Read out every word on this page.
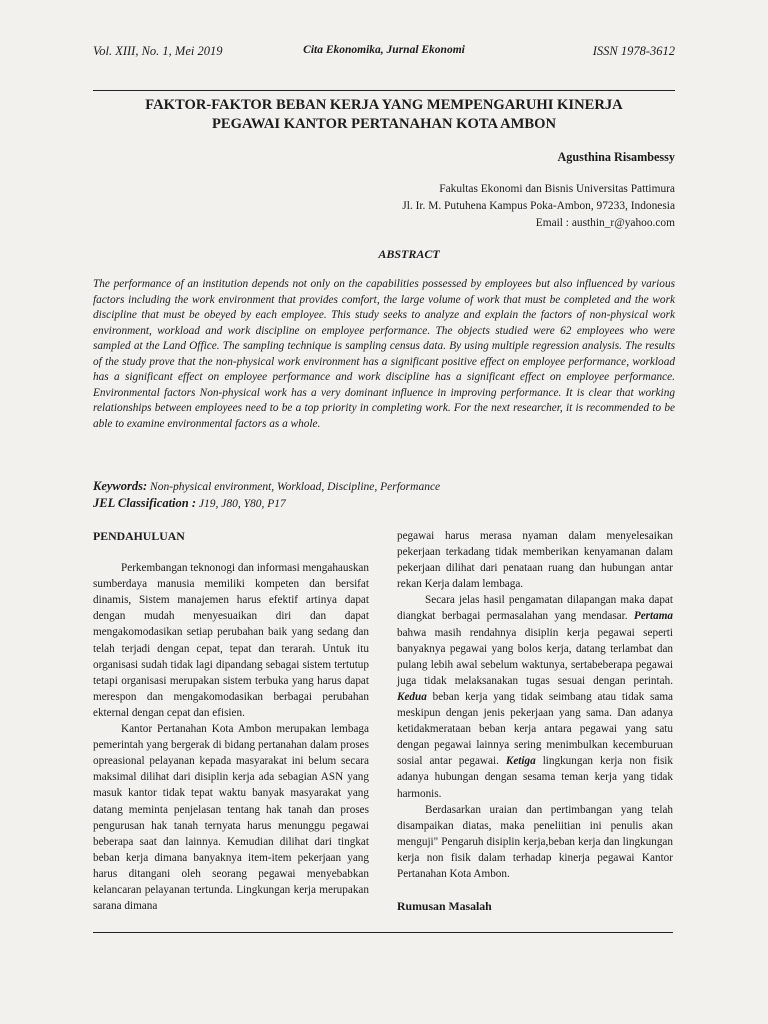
Vol. XIII, No. 1, Mei 2019	Cita Ekonomika, Jurnal Ekonomi	ISSN 1978-3612
FAKTOR-FAKTOR BEBAN KERJA YANG MEMPENGARUHI KINERJA
PEGAWAI KANTOR PERTANAHAN KOTA AMBON
Agusthina Risambessy
Fakultas Ekonomi dan Bisnis Universitas Pattimura
Jl. Ir. M. Putuhena Kampus Poka-Ambon, 97233, Indonesia
Email : austhin_r@yahoo.com
ABSTRACT
The performance of an institution depends not only on the capabilities possessed by employees but also influenced by various factors including the work environment that provides comfort, the large volume of work that must be completed and the work discipline that must be obeyed by each employee. This study seeks to analyze and explain the factors of non-physical work environment, workload and work discipline on employee performance. The objects studied were 62 employees who were sampled at the Land Office. The sampling technique is sampling census data. By using multiple regression analysis. The results of the study prove that the non-physical work environment has a significant positive effect on employee performance, workload has a significant effect on employee performance and work discipline has a significant effect on employee performance. Environmental factors Non-physical work has a very dominant influence in improving performance. It is clear that working relationships between employees need to be a top priority in completing work. For the next researcher, it is recommended to be able to examine environmental factors as a whole.
Keywords: Non-physical environment, Workload, Discipline, Performance
JEL Classification : J19, J80, Y80, P17

PENDAHULUAN

Perkembangan teknonogi dan informasi mengahauskan sumberdaya manusia memiliki kompeten dan bersifat dinamis, Sistem manajemen harus efektif artinya dapat dengan mudah menyesuaikan diri dan dapat mengakomodasikan setiap perubahan baik yang sedang dan telah terjadi dengan cepat, tepat dan terarah. Untuk itu organisasi sudah tidak lagi dipandang sebagai sistem tertutup tetapi organisasi merupakan sistem terbuka yang harus dapat merespon dan mengakomodasikan berbagai perubahan ekternal dengan cepat dan efisien.

Kantor Pertanahan Kota Ambon merupakan lembaga pemerintah yang bergerak di bidang pertanahan dalam proses opreasional pelayanan kepada masyarakat ini belum secara maksimal dilihat dari disiplin kerja ada sebagian ASN yang masuk kantor tidak tepat waktu banyak masyarakat yang datang meminta penjelasan tentang hak tanah dan proses pengurusan hak tanah ternyata harus menunggu pegawai beberapa saat dan lainnya. Kemudian dilihat dari tingkat beban kerja dimana banyaknya item-item pekerjaan yang harus ditangani oleh seorang pegawai menyebabkan kelancaran pelayanan tertunda. Lingkungan kerja merupakan sarana dimana

pegawai harus merasa nyaman dalam menyelesaikan pekerjaan terkadang tidak memberikan kenyamanan dalam pekerjaan dilihat dari penataan ruang dan hubungan antar rekan Kerja dalam lembaga.

Secara jelas hasil pengamatan dilapangan maka dapat diangkat berbagai permasalahan yang mendasar. Pertama bahwa masih rendahnya disiplin kerja pegawai seperti banyaknya pegawai yang bolos kerja, datang terlambat dan pulang lebih awal sebelum waktunya, sertabeberapa pegawai juga tidak melaksanakan tugas sesuai dengan perintah. Kedua beban kerja yang tidak seimbang atau tidak sama meskipun dengan jenis pekerjaan yang sama. Dan adanya ketidakmerataan beban kerja antara pegawai yang satu dengan pegawai lainnya sering menimbulkan kecemburuan sosial antar pegawai. Ketiga lingkungan kerja non fisik adanya hubungan dengan sesama teman kerja yang tidak harmonis.

Berdasarkan uraian dan pertimbangan yang telah disampaikan diatas, maka peneliitian ini penulis akan menguji" Pengaruh disiplin kerja,beban kerja dan lingkungan kerja non fisik dalam terhadap kinerja pegawai Kantor Pertanahan Kota Ambon.

Rumusan Masalah
